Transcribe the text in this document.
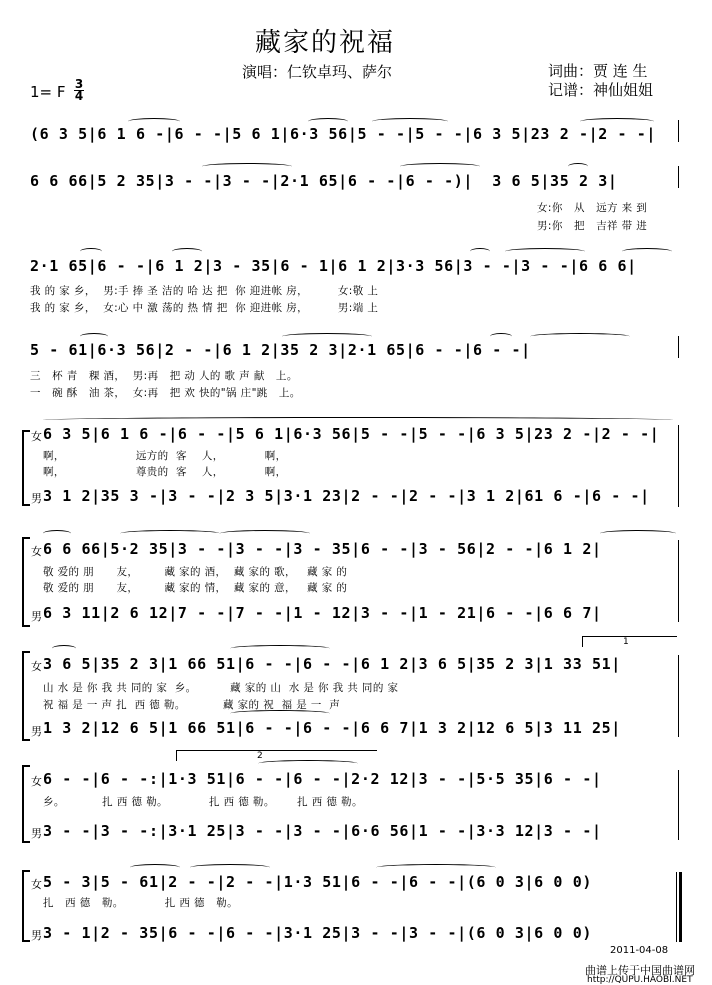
藏家的祝福
演唱：仁钦卓玛、萨尔	词曲：贾 连 生
记谱：神仙姐姐
1= F $\frac{3}{4}$
(6 3 5|6 1 6 -|6 - -|5 6 1|6·3 56|5 - -|5 - -|6 3 5|23 2 -|2 - -|
6 6 66|5 2 35|3 - -|3 - -|2·1 65|6 - -|6 - -)|  3 6 5|35 2 3|
女:你   从   远方 来 到
男:你   把   吉祥 带 进
2·1 65|6 - -|6 1 2|3 - 35|6 - 1|6 1 2|3·3 56|3 - -|3 - -|6 6 6|
我 的 家 乡，  男:手 捧 圣 洁的 哈 达 把  你 迎进帐 房，        女:敬 上
我 的 家 乡，  女:心 中 激 荡的 热 情 把  你 迎进帐 房，        男:端 上
5 - 61|6·3 56|2 - -|6 1 2|35 2 3|2·1 65|6 - -|6 - -|
三   杯 青   稞 酒，  男:再   把 动 人的 歌 声 献   上。
一   碗 酥   油 茶，  女:再   把 欢 快的"锅 庄"跳   上。
女 6 3 5|6 1 6 -|6 - -|5 6 1|6·3 56|5 - -|5 - -|6 3 5|23 2 -|2 - -|
啊，                   远方的  客    人，           啊，
啊，                   尊贵的  客    人，           啊，
男 3 1 2|35 3 -|3 - -|2 3 5|3·1 23|2 - -|2 - -|3 1 2|61 6 -|6 - -|
女 6 6 66|5·2 35|3 - -|3 - -|3 - 35|6 - -|3 - 56|2 - -|6 1 2|
敬 爱的 朋      友，       藏 家的 酒，  藏 家的 歌，   藏 家 的
敬 爱的 朋      友，       藏 家的 情，  藏 家的 意，   藏 家 的
男 6 3 11|2 6 12|7 - -|7 - -|1 - 12|3 - -|1 - 21|6 - -|6 6 7|
1
女 3 6 5|35 2 3|1 66 51|6 - -|6 - -|6 1 2|3 6 5|35 2 3|1 33 51|
山 水 是 你 我 共 同的 家  乡。         藏 家的 山  水 是 你 我 共 同的 家
祝 福 是 一 声 扎  西 德 勒。          藏 家的 祝  福 是 一  声
男 1 3 2|12 6 5|1 66 51|6 - -|6 - -|6 6 7|1 3 2|12 6 5|3 11 25|
2
女 6 - -|6 - -:|1·3 51|6 - -|6 - -|2·2 12|3 - -|5·5 35|6 - -|
乡。          扎 西 德 勒。           扎 西 德 勒。      扎 西 德 勒。
男 3 - -|3 - -:|3·1 25|3 - -|3 - -|6·6 56|1 - -|3·3 12|3 - -|
女 5 - 3|5 - 61|2 - -|2 - -|1·3 51|6 - -|6 - -|(6 0 3|6 0 0)
扎   西 德   勒。           扎 西 德   勒。
男 3 - 1|2 - 35|6 - -|6 - -|3·1 25|3 - -|3 - -|(6 0 3|6 0 0)
2011-04-08
曲谱上传于中国曲谱网
http://QUPU.HAOBI.NET
